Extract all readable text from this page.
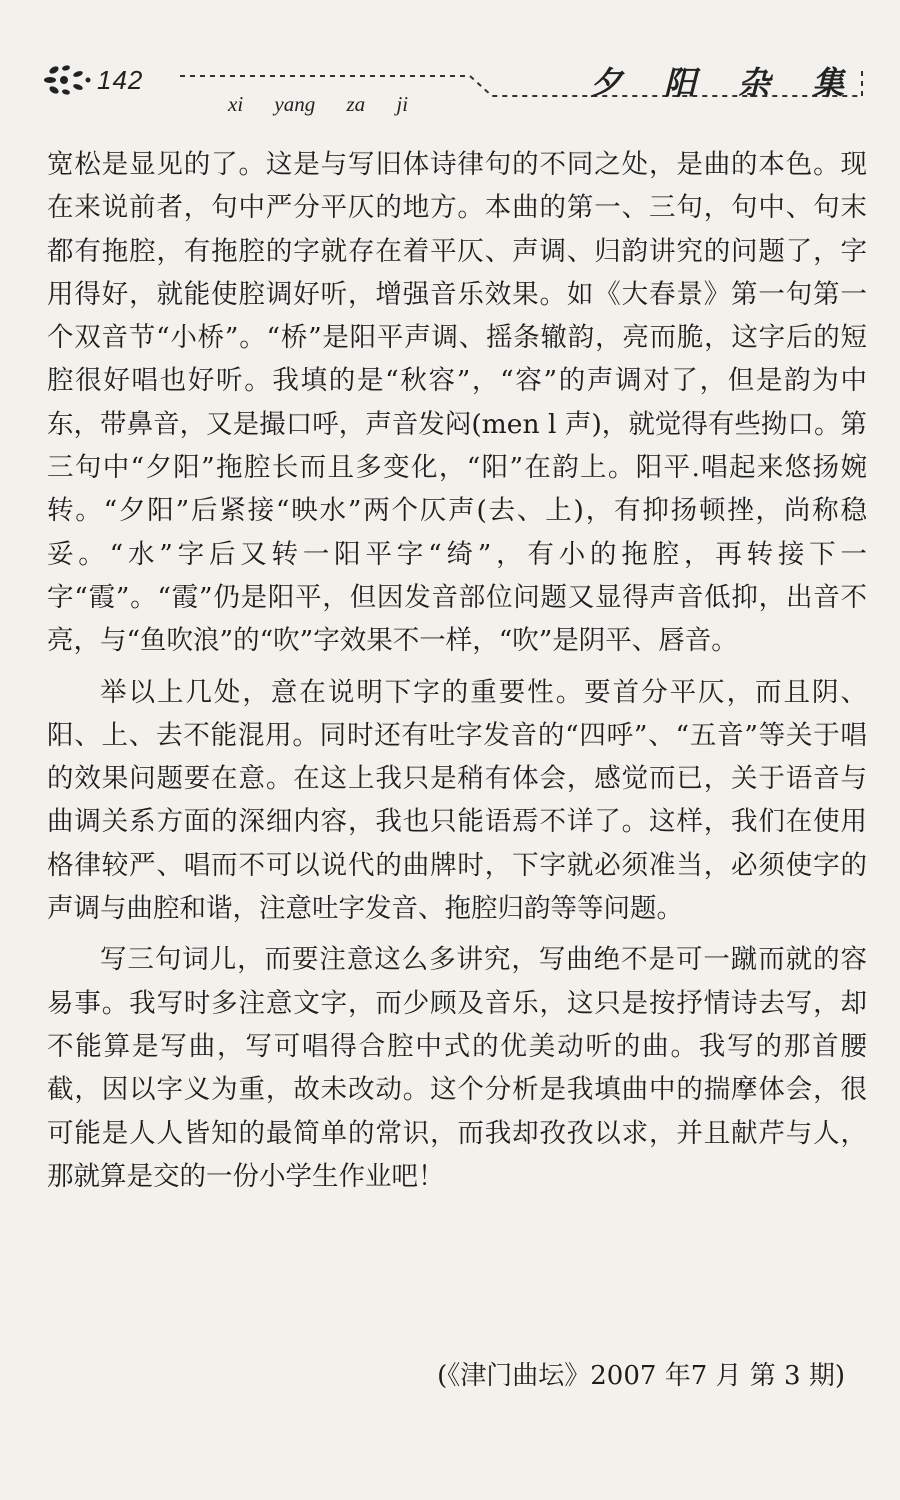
142
xi yang za ji
夕阳杂集

宽松是显见的了。这是与写旧体诗律句的不同之处，是曲的本色。现在来说前者，句中严分平仄的地方。本曲的第一、三句，句中、句末都有拖腔，有拖腔的字就存在着平仄、声调、归韵讲究的问题了，字用得好，就能使腔调好听，增强音乐效果。如《大春景》第一句第一个双音节“小桥”。“桥”是阳平声调、摇条辙韵，亮而脆，这字后的短腔很好唱也好听。我填的是“秋容”，“容”的声调对了，但是韵为中东，带鼻音，又是撮口呼，声音发闷(men l 声)，就觉得有些拗口。第三句中“夕阳”拖腔长而且多变化，“阳”在韵上。阳平.唱起来悠扬婉转。“夕阳”后紧接“映水”两个仄声(去、上)，有抑扬顿挫，尚称稳妥。“水”字后又转一阳平字“绮”，有小的拖腔，再转接下一字“霞”。“霞”仍是阳平，但因发音部位问题又显得声音低抑，出音不亮，与“鱼吹浪”的“吹”字效果不一样，“吹”是阴平、唇音。

举以上几处，意在说明下字的重要性。要首分平仄，而且阴、阳、上、去不能混用。同时还有吐字发音的“四呼”、“五音”等关于唱的效果问题要在意。在这上我只是稍有体会，感觉而已，关于语音与曲调关系方面的深细内容，我也只能语焉不详了。这样，我们在使用格律较严、唱而不可以说代的曲牌时，下字就必须准当，必须使字的声调与曲腔和谐，注意吐字发音、拖腔归韵等等问题。

写三句词儿，而要注意这么多讲究，写曲绝不是可一蹴而就的容易事。我写时多注意文字，而少顾及音乐，这只是按抒情诗去写，却不能算是写曲，写可唱得合腔中式的优美动听的曲。我写的那首腰截，因以字义为重，故未改动。这个分析是我填曲中的揣摩体会，很可能是人人皆知的最简单的常识，而我却孜孜以求，并且献芹与人，那就算是交的一份小学生作业吧！

(《津门曲坛》2007 年7 月 第 3 期)
